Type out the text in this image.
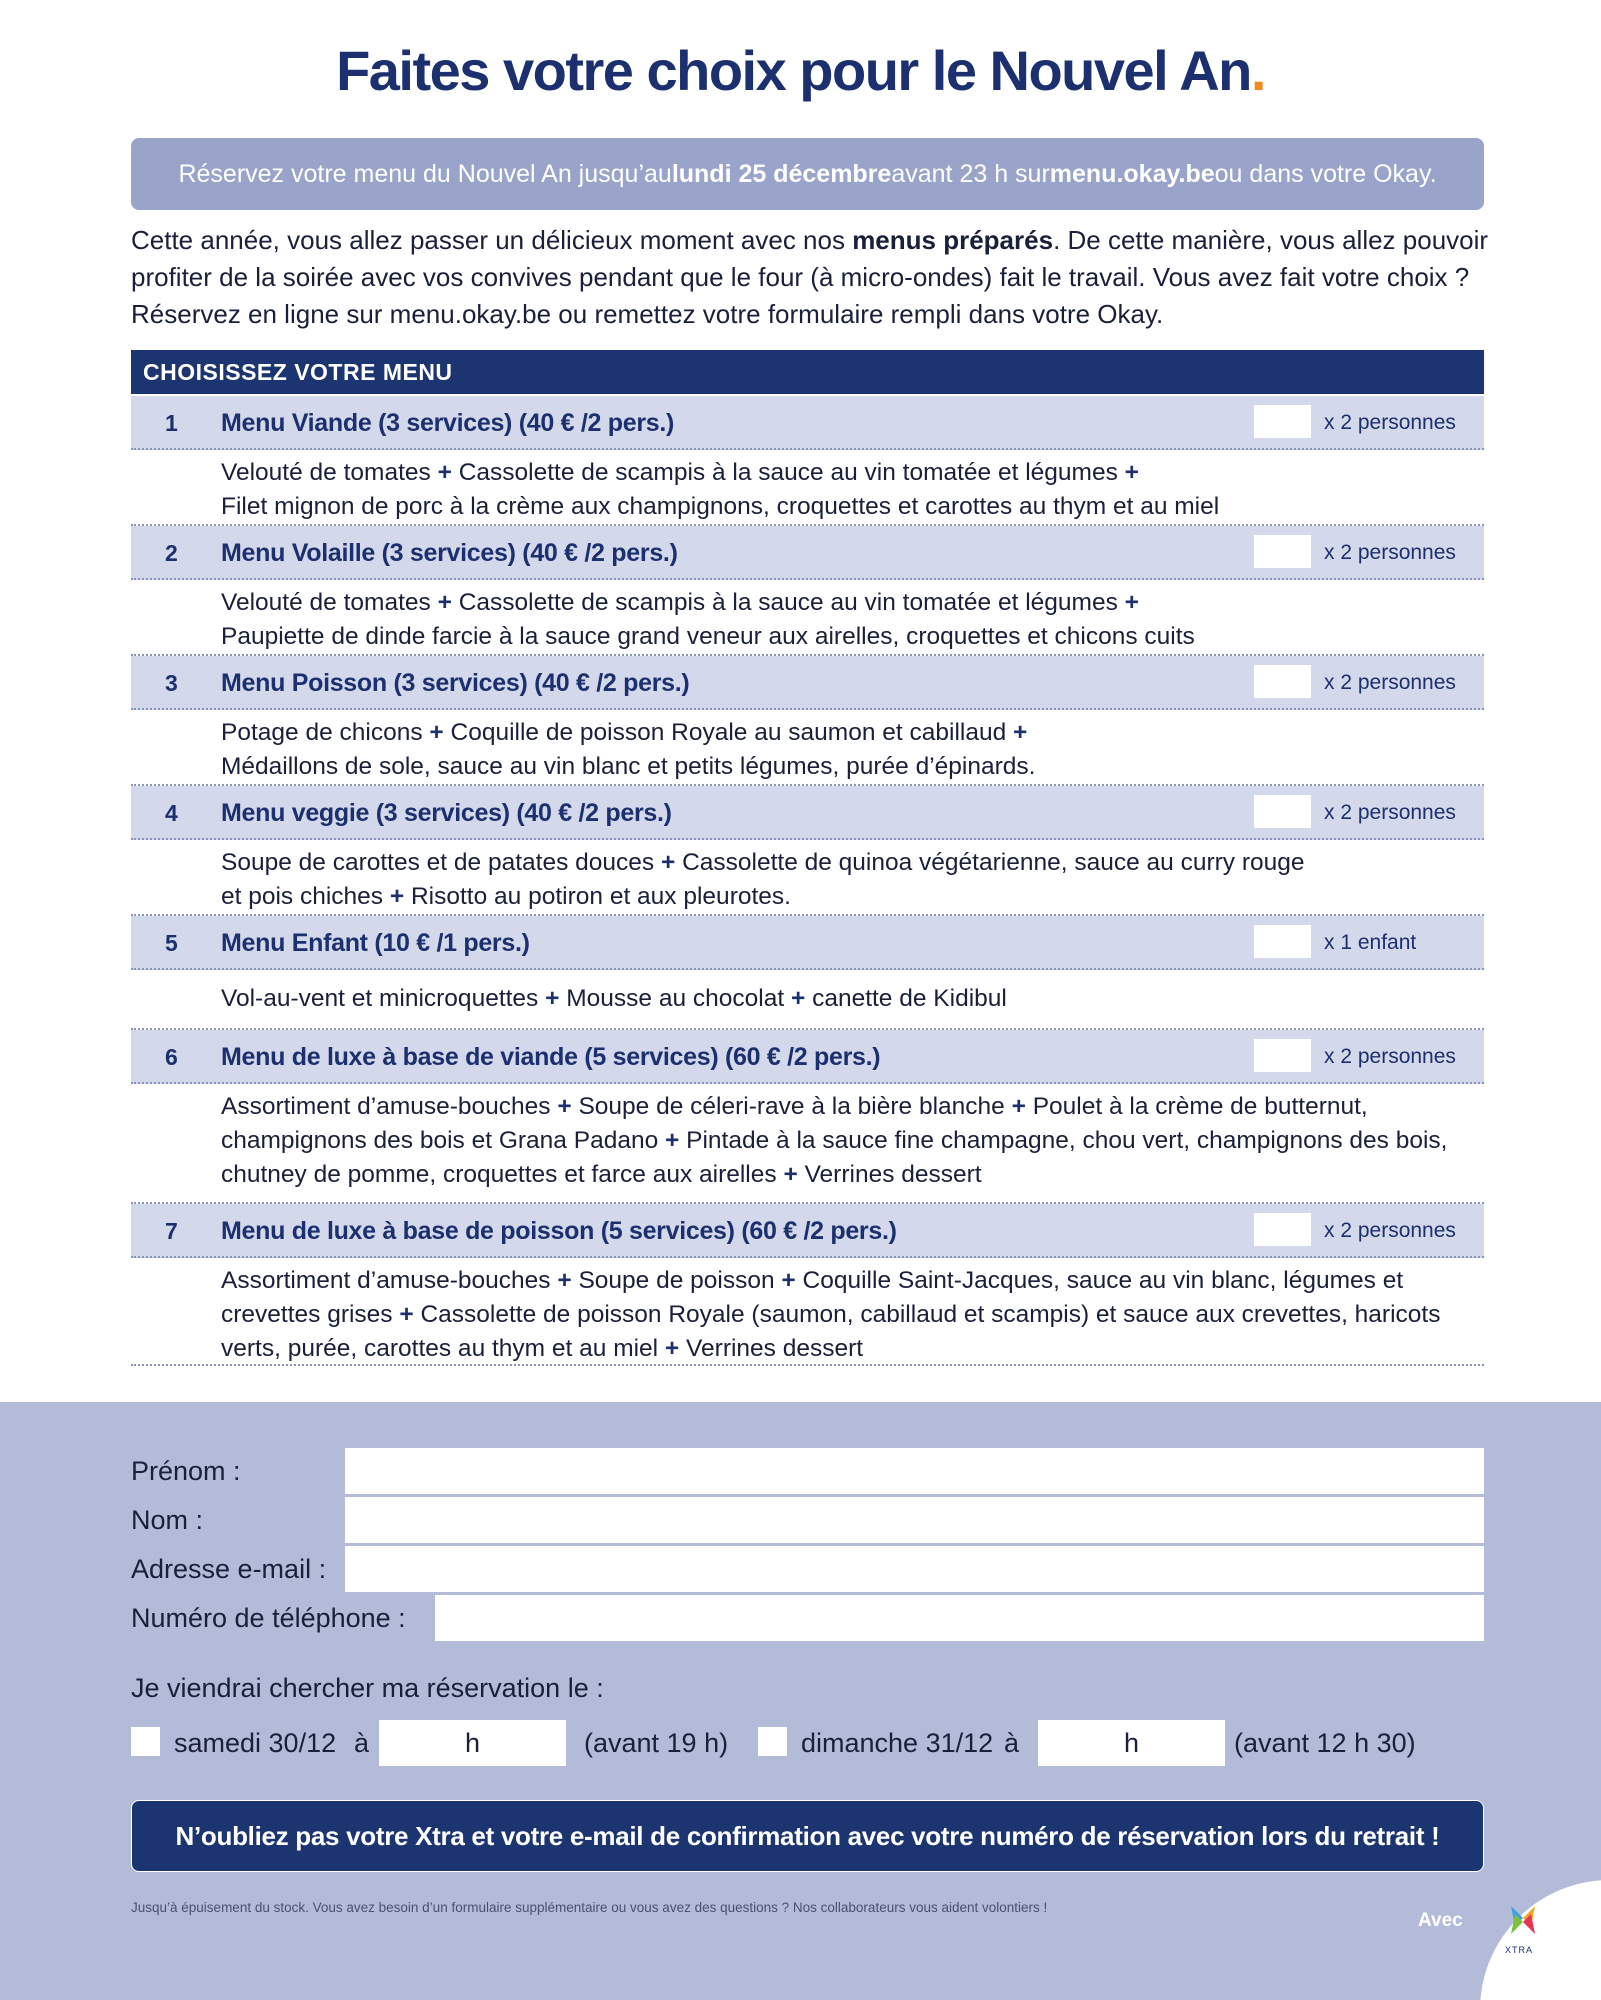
Faites votre choix pour le Nouvel An.
Réservez votre menu du Nouvel An jusqu’au lundi 25 décembre avant 23 h sur menu.okay.be ou dans votre Okay.
Cette année, vous allez passer un délicieux moment avec nos menus préparés. De cette manière, vous allez pouvoir profiter de la soirée avec vos convives pendant que le four (à micro-ondes) fait le travail. Vous avez fait votre choix ? Réservez en ligne sur menu.okay.be ou remettez votre formulaire rempli dans votre Okay.
CHOISISSEZ VOTRE MENU
1 Menu Viande (3 services) (40 € /2 pers.)	x 2 personnes
Velouté de tomates + Cassolette de scampis à la sauce au vin tomatée et légumes +
Filet mignon de porc à la crème aux champignons, croquettes et carottes au thym et au miel
2 Menu Volaille (3 services) (40 € /2 pers.)	x 2 personnes
Velouté de tomates + Cassolette de scampis à la sauce au vin tomatée et légumes +
Paupiette de dinde farcie à la sauce grand veneur aux airelles, croquettes et chicons cuits
3 Menu Poisson (3 services) (40 € /2 pers.)	x 2 personnes
Potage de chicons + Coquille de poisson Royale au saumon et cabillaud +
Médaillons de sole, sauce au vin blanc et petits légumes, purée d’épinards.
4 Menu veggie (3 services) (40 € /2 pers.)	x 2 personnes
Soupe de carottes et de patates douces + Cassolette de quinoa végétarienne, sauce au curry rouge
et pois chiches + Risotto au potiron et aux pleurotes.
5 Menu Enfant (10 € /1 pers.)	x 1 enfant
Vol-au-vent et minicroquettes + Mousse au chocolat + canette de Kidibul
6 Menu de luxe à base de viande (5 services) (60 € /2 pers.)	x 2 personnes
Assortiment d’amuse-bouches + Soupe de céleri-rave à la bière blanche + Poulet à la crème de butternut,
champignons des bois et Grana Padano + Pintade à la sauce fine champagne, chou vert, champignons des bois,
chutney de pomme, croquettes et farce aux airelles + Verrines dessert
7 Menu de luxe à base de poisson (5 services) (60 € /2 pers.)	x 2 personnes
Assortiment d’amuse-bouches + Soupe de poisson + Coquille Saint-Jacques, sauce au vin blanc, légumes et
crevettes grises + Cassolette de poisson Royale (saumon, cabillaud et scampis) et sauce aux crevettes, haricots
verts, purée, carottes au thym et au miel + Verrines dessert
Prénom :
Nom :
Adresse e-mail :
Numéro de téléphone :
Je viendrai chercher ma réservation le :
samedi 30/12 à	h	(avant 19 h)	dimanche 31/12 à	h	(avant 12 h 30)
N’oubliez pas votre Xtra et votre e-mail de confirmation avec votre numéro de réservation lors du retrait !
Jusqu’à épuisement du stock. Vous avez besoin d’un formulaire supplémentaire ou vous avez des questions ? Nos collaborateurs vous aident volontiers !
Avec
XTRA
